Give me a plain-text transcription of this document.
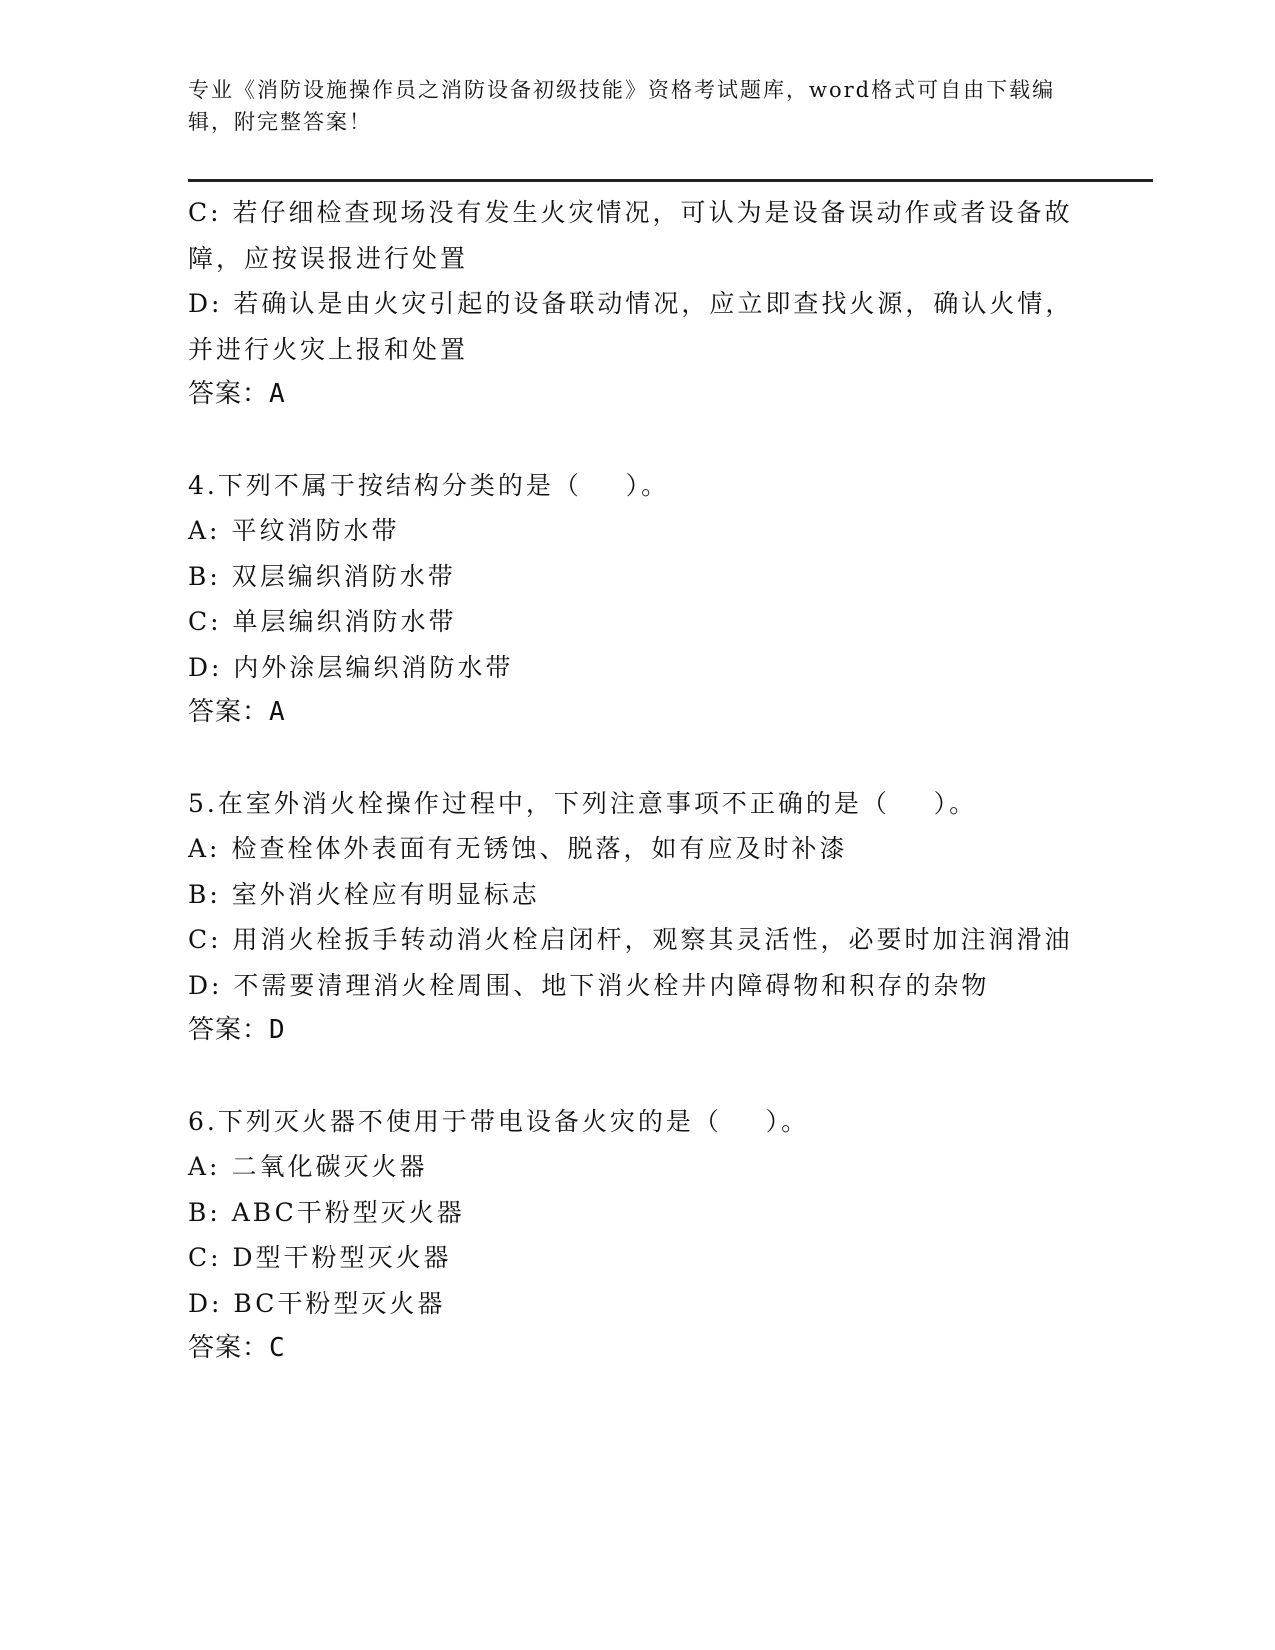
专业《消防设施操作员之消防设备初级技能》资格考试题库，word格式可自由下载编辑，附完整答案！
C: 若仔细检查现场没有发生火灾情况，可认为是设备误动作或者设备故障，应按误报进行处置
D: 若确认是由火灾引起的设备联动情况，应立即查找火源，确认火情，并进行火灾上报和处置
答案：A
4.下列不属于按结构分类的是（    ）。
A: 平纹消防水带
B: 双层编织消防水带
C: 单层编织消防水带
D: 内外涂层编织消防水带
答案：A
5.在室外消火栓操作过程中，下列注意事项不正确的是（    ）。
A: 检查栓体外表面有无锈蚀、脱落，如有应及时补漆
B: 室外消火栓应有明显标志
C: 用消火栓扳手转动消火栓启闭杆，观察其灵活性，必要时加注润滑油
D: 不需要清理消火栓周围、地下消火栓井内障碍物和积存的杂物
答案：D
6.下列灭火器不使用于带电设备火灾的是（    ）。
A: 二氧化碳灭火器
B: ABC干粉型灭火器
C: D型干粉型灭火器
D: BC干粉型灭火器
答案：C
